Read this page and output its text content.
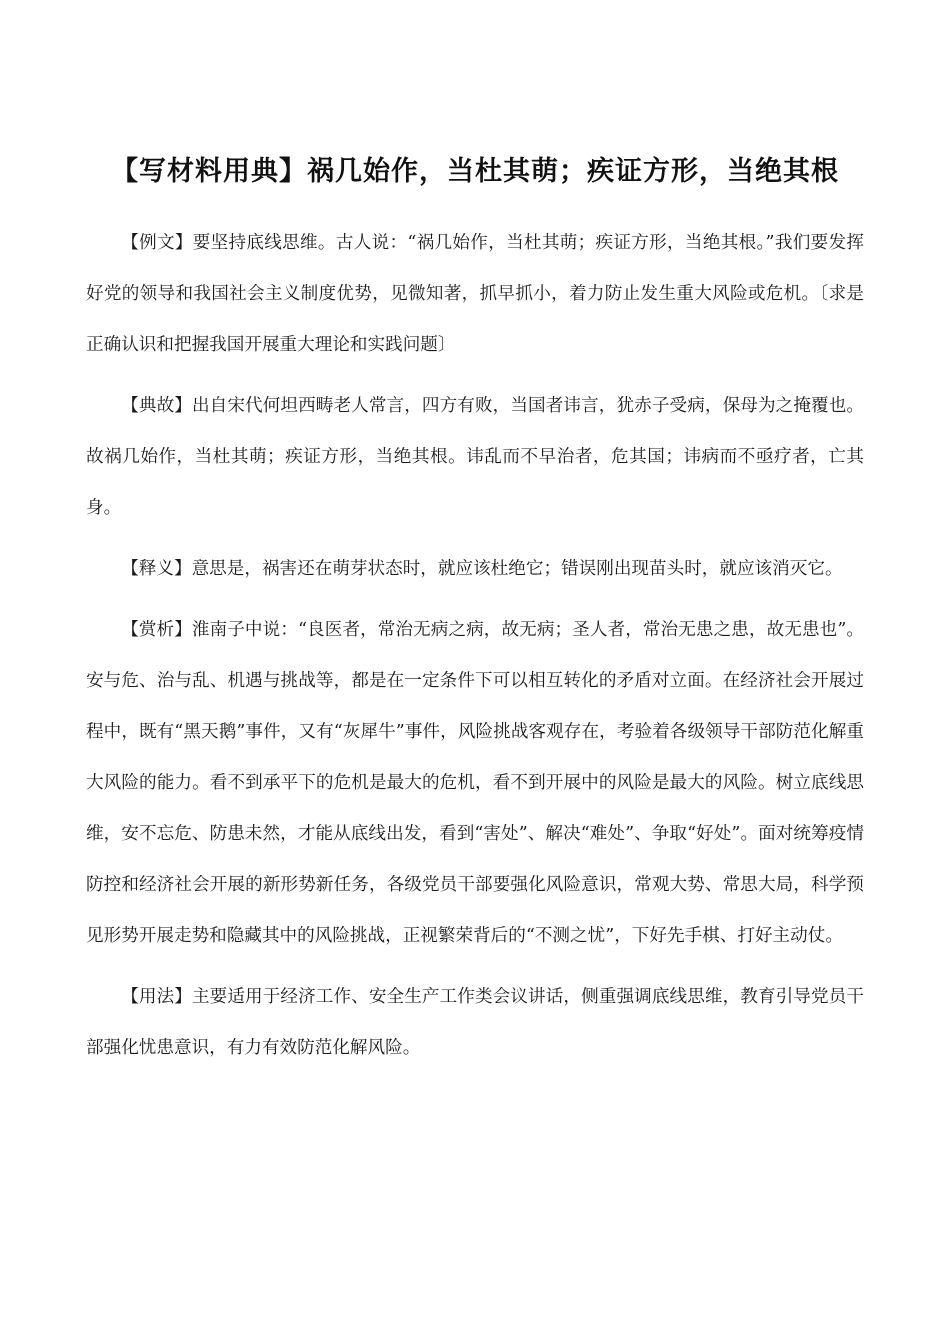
【写材料用典】祸几始作，当杜其萌；疾证方形，当绝其根

【例文】要坚持底线思维。古人说：“祸几始作，当杜其萌；疾证方形，当绝其根。”我们要发挥好党的领导和我国社会主义制度优势，见微知著，抓早抓小，着力防止发生重大风险或危机。〔求是正确认识和把握我国开展重大理论和实践问题〕

【典故】出自宋代何坦西畴老人常言，四方有败，当国者讳言，犹赤子受病，保母为之掩覆也。故祸几始作，当杜其萌；疾证方形，当绝其根。讳乱而不早治者，危其国；讳病而不亟疗者，亡其身。

【释义】意思是，祸害还在萌芽状态时，就应该杜绝它；错误刚出现苗头时，就应该消灭它。

【赏析】淮南子中说：“良医者，常治无病之病，故无病；圣人者，常治无患之患，故无患也”。安与危、治与乱、机遇与挑战等，都是在一定条件下可以相互转化的矛盾对立面。在经济社会开展过程中，既有“黑天鹅”事件，又有“灰犀牛”事件，风险挑战客观存在，考验着各级领导干部防范化解重大风险的能力。看不到承平下的危机是最大的危机，看不到开展中的风险是最大的风险。树立底线思维，安不忘危、防患未然，才能从底线出发，看到“害处”、解决“难处”、争取“好处”。面对统筹疫情防控和经济社会开展的新形势新任务，各级党员干部要强化风险意识，常观大势、常思大局，科学预见形势开展走势和隐藏其中的风险挑战，正视繁荣背后的“不测之忧”，下好先手棋、打好主动仗。

【用法】主要适用于经济工作、安全生产工作类会议讲话，侧重强调底线思维，教育引导党员干部强化忧患意识，有力有效防范化解风险。
